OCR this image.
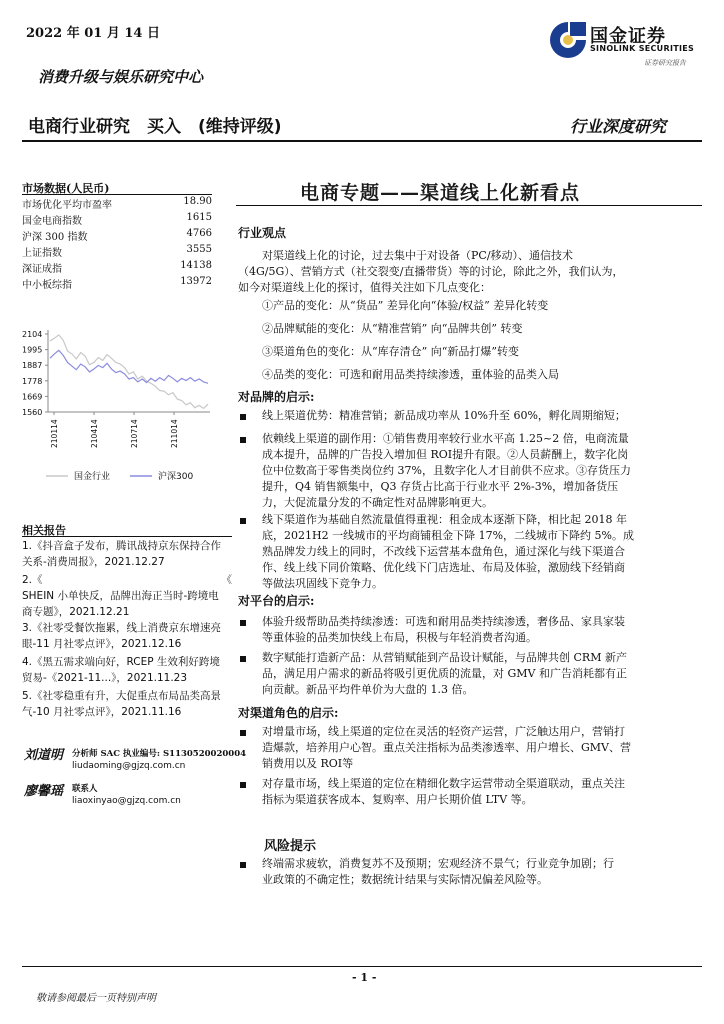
2022 年 01 月 14 日	国金证券
SINOLINK SECURITIES
证券研究报告
消费升级与娱乐研究中心
电商行业研究　买入　(维持评级)	行业深度研究
市场数据(人民币)
市场优化平均市盈率	18.90
国金电商指数	1615
沪深 300 指数	4766
上证指数	3555
深证成指	14138
中小板综指	13972
2104
1995
1887
1778
1669
1560
210114	210414	210714	211014
国金行业	沪深300
相关报告
1.《抖音盒子发布，腾讯战持京东保持合作
关系-消费周报》，2021.12.27
2.《	《
SHEIN 小单快反，品牌出海正当时-跨境电
商专题》，2021.12.21
3.《社零受餐饮拖累，线上消费京东增速亮
眼-11 月社零点评》，2021.12.16
4.《黑五需求端向好，RCEP 生效利好跨境
贸易-《2021-11...》，2021.11.23
5.《社零稳重有升，大促重点布局品类高景
气-10 月社零点评》，2021.11.16
刘道明 分析师 SAC 执业编号: S1130520020004
liudaoming@gjzq.com.cn
廖馨瑶 联系人
liaoxinyao@gjzq.com.cn
电商专题——渠道线上化新看点
行业观点
对渠道线上化的讨论，过去集中于对设备（PC/移动）、通信技术
（4G/5G）、营销方式（社交裂变/直播带货）等的讨论，除此之外，我们认为，
如今对渠道线上化的探讨，值得关注如下几点变化：
①产品的变化：从“货品” 差异化向“体验/权益” 差异化转变
②品牌赋能的变化：从“精准营销” 向“品牌共创” 转变
③渠道角色的变化：从“库存清仓” 向“新品打爆”转变
④品类的变化：可选和耐用品类持续渗透，重体验的品类入局
对品牌的启示:
线上渠道优势：精准营销；新品成功率从 10%升至 60%，孵化周期缩短；
依赖线上渠道的副作用：①销售费用率较行业水平高 1.25~2 倍，电商流量
成本提升，品牌的广告投入增加但 ROI提升有限。②人员薪酬上，数字化岗
位中位数高于零售类岗位约 37%，且数字化人才目前供不应求。③存货压力
提升，Q4 销售额集中，Q3 存货占比高于行业水平 2%-3%，增加备货压
力，大促流量分发的不确定性对品牌影响更大。
线下渠道作为基础自然流量值得重视：租金成本逐渐下降，相比起 2018 年
底，2021H2 一线城市的平均商铺租金下降 17%，二线城市下降约 5%。成
熟品牌发力线上的同时，不改线下运营基本盘角色，通过深化与线下渠道合
作、线上线下同价策略、优化线下门店选址、布局及体验，激励线下经销商
等做法巩固线下竞争力。
对平台的启示:
体验升级帮助品类持续渗透：可选和耐用品类持续渗透，奢侈品、家具家装
等重体验的品类加快线上布局，积极与年轻消费者沟通。
数字赋能打造新产品：从营销赋能到产品设计赋能，与品牌共创 CRM 新产
品，满足用户需求的新品将吸引更优质的流量，对 GMV 和广告消耗都有正
向贡献。新品平均件单价为大盘的 1.3 倍。
对渠道角色的启示:
对增量市场，线上渠道的定位在灵活的轻资产运营，广泛触达用户，营销打
造爆款，培养用户心智。重点关注指标为品类渗透率、用户增长、GMV、营
销费用以及 ROI等
对存量市场，线上渠道的定位在精细化数字运营带动全渠道联动，重点关注
指标为渠道获客成本、复购率、用户长期价值 LTV 等。
风险提示
终端需求疲软，消费复苏不及预期；宏观经济不景气；行业竞争加剧；行
业政策的不确定性；数据统计结果与实际情况偏差风险等。
- 1 -
敬请参阅最后一页特别声明
